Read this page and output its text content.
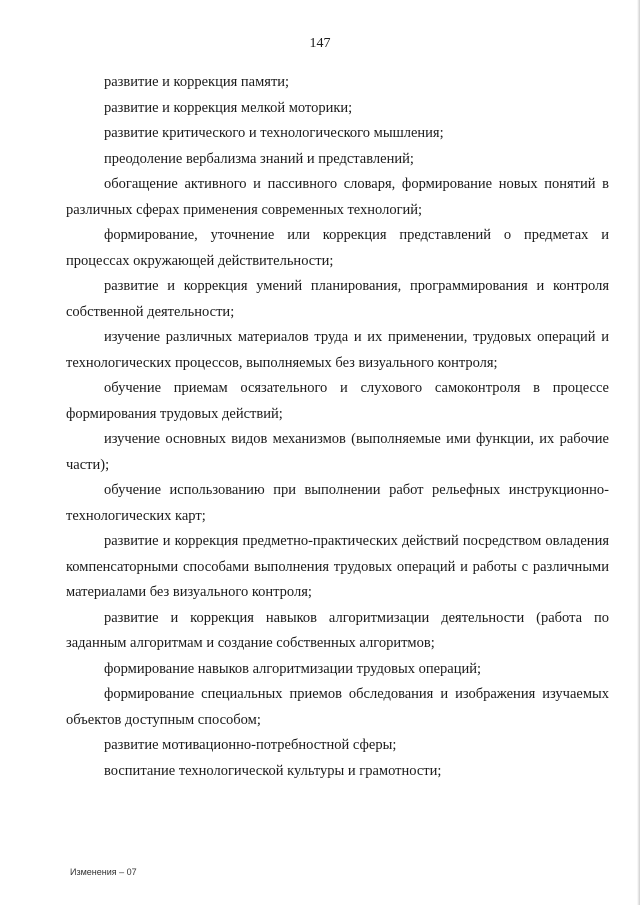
147

развитие и коррекция памяти;

развитие и коррекция мелкой моторики;

развитие критического и технологического мышления;

преодоление вербализма знаний и представлений;

обогащение активного и пассивного словаря, формирование новых понятий в различных сферах применения современных технологий;

формирование, уточнение или коррекция представлений о предметах и процессах окружающей действительности;

развитие и коррекция умений планирования, программирования и контроля собственной деятельности;

изучение различных материалов труда и их применении, трудовых операций и технологических процессов, выполняемых без визуального контроля;

обучение приемам осязательного и слухового самоконтроля в процессе формирования трудовых действий;

изучение основных видов механизмов (выполняемые ими функции, их рабочие части);

обучение использованию при выполнении работ рельефных инструкционно-технологических карт;

развитие и коррекция предметно-практических действий посредством овладения компенсаторными способами выполнения трудовых операций и работы с различными материалами без визуального контроля;

развитие и коррекция навыков алгоритмизации деятельности (работа по заданным алгоритмам и создание собственных алгоритмов;

формирование навыков алгоритмизации трудовых операций;

формирование специальных приемов обследования и изображения изучаемых объектов доступным способом;

развитие мотивационно-потребностной сферы;

воспитание технологической культуры и грамотности;

Изменения – 07
